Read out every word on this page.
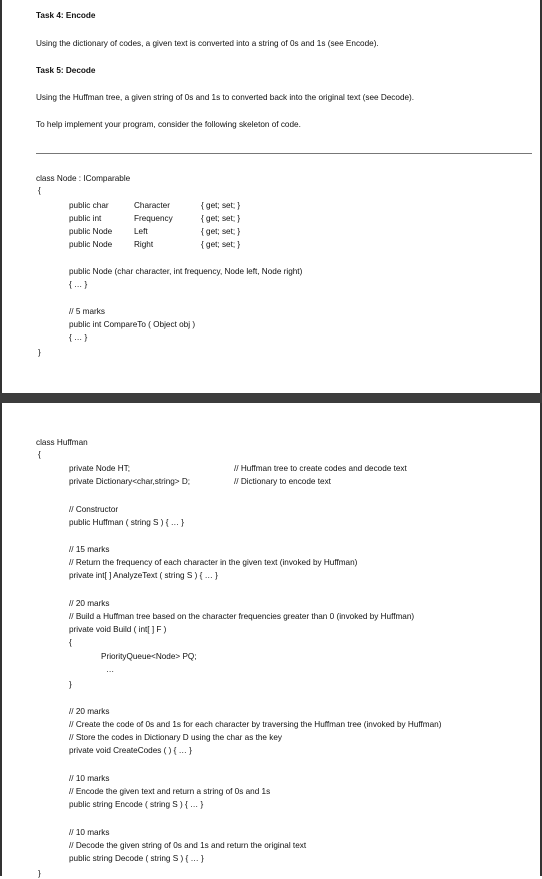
Task 4: Encode
Using the dictionary of codes, a given text is converted into a string of 0s and 1s (see Encode).
Task 5: Decode
Using the Huffman tree, a given string of 0s and 1s to converted back into the original text (see Decode).
To help implement your program, consider the following skeleton of code.
class Node : IComparable
{
public char	Character	{ get; set; }
public int	Frequency	{ get; set; }
public Node	Left	{ get; set; }
public Node	Right	{ get; set; }
public Node (char character, int frequency, Node left, Node right)
{ … }
// 5 marks
public int CompareTo ( Object obj )
{ … }
}
class Huffman
{
private Node HT;	// Huffman tree to create codes and decode text
private Dictionary<char,string> D;	// Dictionary to encode text
// Constructor
public Huffman ( string S ) { … }
// 15 marks
// Return the frequency of each character in the given text (invoked by Huffman)
private int[ ] AnalyzeText ( string S ) { … }
// 20 marks
// Build a Huffman tree based on the character frequencies greater than 0 (invoked by Huffman)
private void Build ( int[ ] F )
{
PriorityQueue<Node> PQ;
…
}
// 20 marks
// Create the code of 0s and 1s for each character by traversing the Huffman tree (invoked by Huffman)
// Store the codes in Dictionary D using the char as the key
private void CreateCodes ( ) { … }
// 10 marks
// Encode the given text and return a string of 0s and 1s
public string Encode ( string S ) { … }
// 10 marks
// Decode the given string of 0s and 1s and return the original text
public string Decode ( string S ) { … }
}
